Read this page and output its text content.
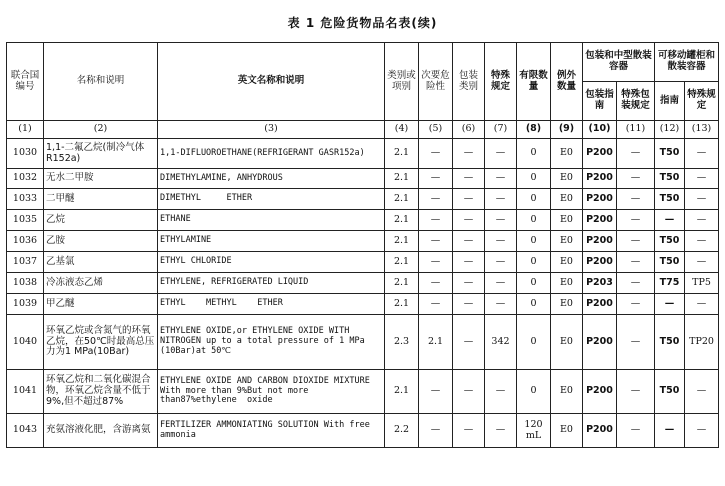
表 1 危险货物品名表(续)
联合国编号	名称和说明	英文名称和说明	类别或项别	次要危险性	包装类别	特殊规定	有限数量	例外数量	包装和中型散装容器		可移动罐柜和散装容器	
									包装指南	特殊包装规定	指南	特殊规定
(1)	(2)	(3)	(4)	(5)	(6)	(7)	(8)	(9)	(10)	(11)	(12)	(13)
1030	1,1-二氟乙烷(制冷气体R152a)	1,1-DIFLUOROETHANE(REFRIGERANT GASR152a)	2.1	—	—	—	0	E0	P200	—	T50	—
1032	无水二甲胺	DIMETHYLAMINE, ANHYDROUS	2.1	—	—	—	0	E0	P200	—	T50	—
1033	二甲醚	DIMETHYL     ETHER	2.1	—	—	—	0	E0	P200	—	T50	—
1035	乙烷	ETHANE	2.1	—	—	—	0	E0	P200	—	—	—
1036	乙胺	ETHYLAMINE	2.1	—	—	—	0	E0	P200	—	T50	—
1037	乙基氯	ETHYL CHLORIDE	2.1	—	—	—	0	E0	P200	—	T50	—
1038	冷冻液态乙烯	ETHYLENE, REFRIGERATED LIQUID	2.1	—	—	—	0	E0	P203	—	T75	TP5
1039	甲乙醚	ETHYL    METHYL    ETHER	2.1	—	—	—	0	E0	P200	—	—	—
1040	环氧乙烷或含氮气的环氧乙烷，在50℃时最高总压力为1 MPa(10Bar)	ETHYLENE OXIDE,or ETHYLENE OXIDE WITH NITROGEN up to a total pressure of 1 MPa  (10Bar)at 50℃	2.3	2.1	—	342	0	E0	P200	—	T50	TP20
1041	环氧乙烷和二氧化碳混合物，环氧乙烷含量不低于9%,但不超过87%	ETHYLENE OXIDE AND CARBON DIOXIDE MIXTURE With more than 9%But not more than87%ethylene  oxide	2.1	—	—	—	0	E0	P200	—	T50	—
1043	充氨溶液化肥，含游离氨	FERTILIZER AMMONIATING SOLUTION With free ammonia	2.2	—	—	—	120 mL	E0	P200	—	—	—
